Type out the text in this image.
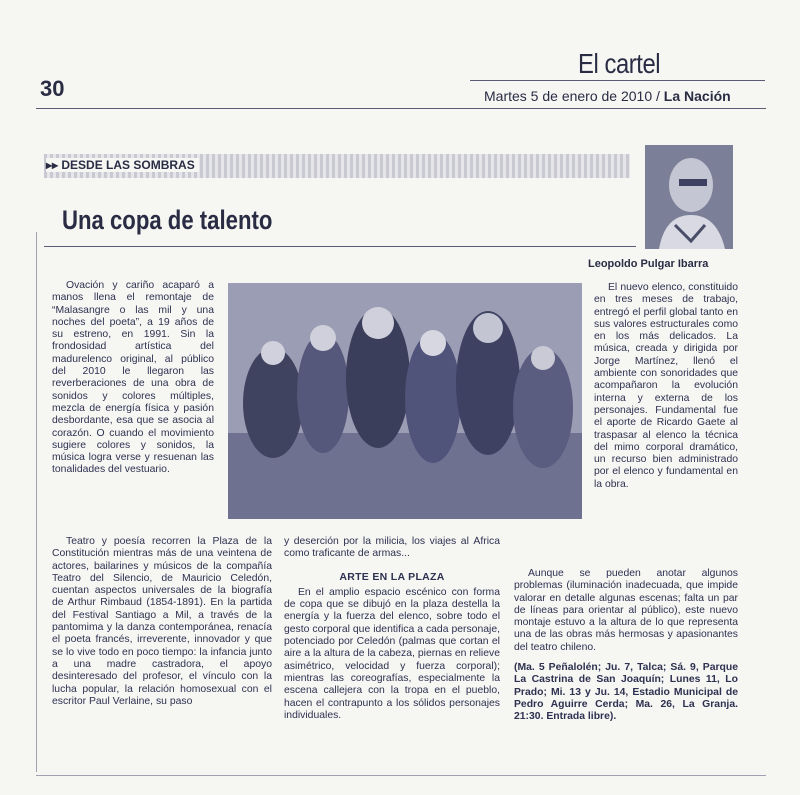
30
El cartel
Martes 5 de enero de 2010 / La Nación
▸▸ DESDE LAS SOMBRAS
Una copa de talento
Leopoldo Pulgar Ibarra

Ovación y cariño acaparó a manos llena el remontaje de “Malasangre o las mil y una noches del poeta”, a 19 años de su estreno, en 1991. Sin la frondosidad artística del madurelenco original, al público del 2010 le llegaron las reverberaciones de una obra de sonidos y colores múltiples, mezcla de energía física y pasión desbordante, esa que se asocia al corazón. O cuando el movimiento sugiere colores y sonidos, la música logra verse y resuenan las tonalidades del vestuario.

Teatro y poesía recorren la Plaza de la Constitución mientras más de una veintena de actores, bailarines y músicos de la compañía Teatro del Silencio, de Mauricio Celedón, cuentan aspectos universales de la biografía de Arthur Rimbaud (1854-1891). En la partida del Festival Santiago a Mil, a través de la pantomima y la danza contemporánea, renacía el poeta francés, irreverente, innovador y que se lo vive todo en poco tiempo: la infancia junto a una madre castradora, el apoyo desinteresado del profesor, el vínculo con la lucha popular, la relación homosexual con el escritor Paul Verlaine, su paso

y deserción por la milicia, los viajes al África como traficante de armas...

ARTE EN LA PLAZA

En el amplio espacio escénico con forma de copa que se dibujó en la plaza destella la energía y la fuerza del elenco, sobre todo el gesto corporal que identifica a cada personaje, potenciado por Celedón (palmas que cortan el aire a la altura de la cabeza, piernas en relieve asimétrico, velocidad y fuerza corporal); mientras las coreografías, especialmente la escena callejera con la tropa en el pueblo, hacen el contrapunto a los sólidos personajes individuales.

El nuevo elenco, constituido en tres meses de trabajo, entregó el perfil global tanto en sus valores estructurales como en los más delicados. La música, creada y dirigida por Jorge Martínez, llenó el ambiente con sonoridades que acompañaron la evolución interna y externa de los personajes. Fundamental fue el aporte de Ricardo Gaete al traspasar al elenco la técnica del mimo corporal dramático, un recurso bien administrado por el elenco y fundamental en la obra.

Aunque se pueden anotar algunos problemas (iluminación inadecuada, que impide valorar en detalle algunas escenas; falta un par de líneas para orientar al público), este nuevo montaje estuvo a la altura de lo que representa una de las obras más hermosas y apasionantes del teatro chileno.

(Ma. 5 Peñalolén; Ju. 7, Talca; Sá. 9, Parque La Castrina de San Joaquín; Lunes 11, Lo Prado; Mi. 13 y Ju. 14, Estadio Municipal de Pedro Aguirre Cerda; Ma. 26, La Granja. 21:30. Entrada libre).
